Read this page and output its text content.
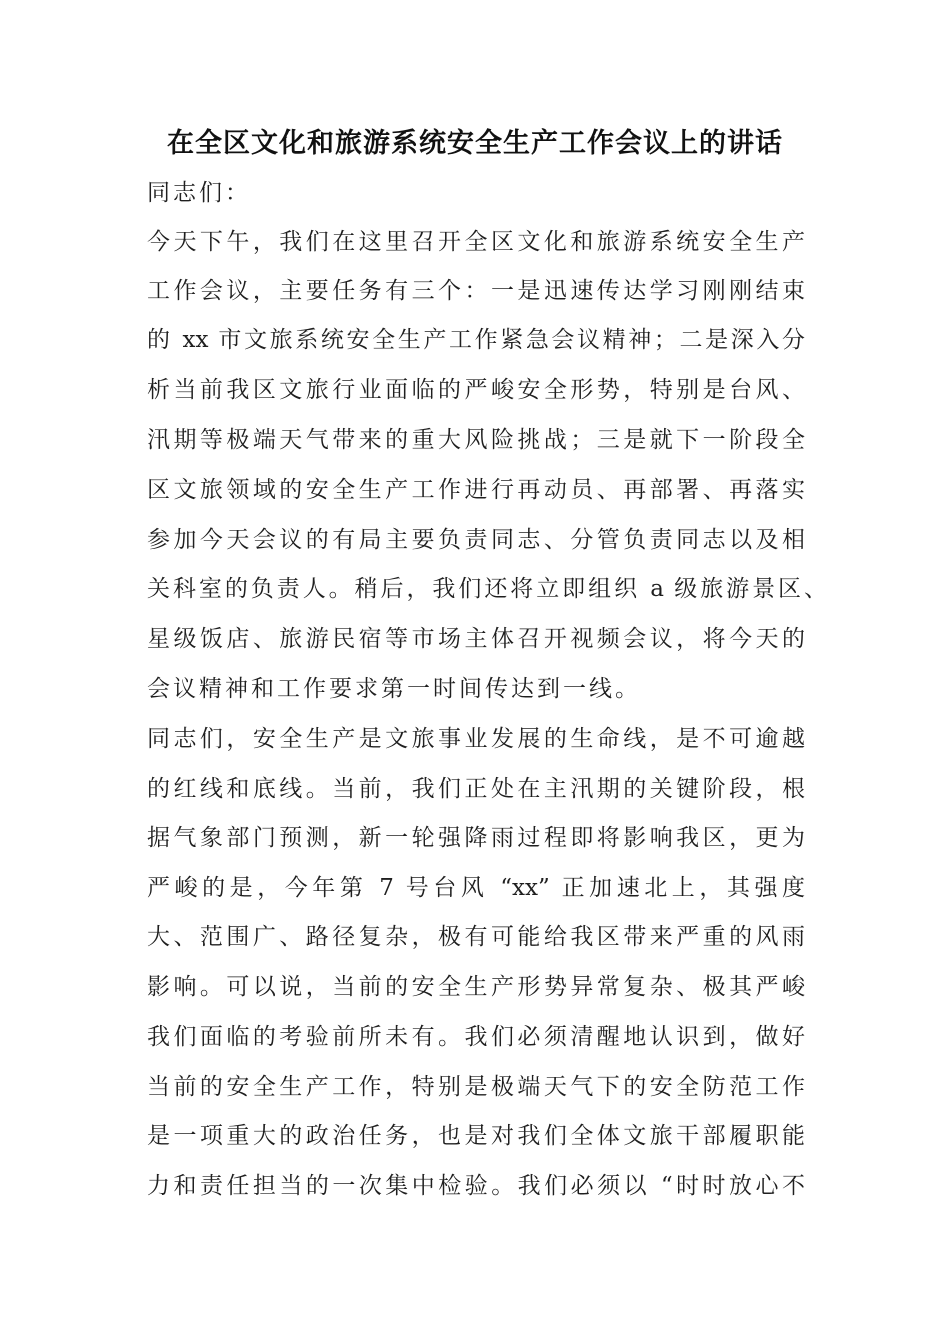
在全区文化和旅游系统安全生产工作会议上的讲话
同志们：
今天下午，我们在这里召开全区文化和旅游系统安全生产
工作会议，主要任务有三个：一是迅速传达学习刚刚结束
的 xx 市文旅系统安全生产工作紧急会议精神；二是深入分
析当前我区文旅行业面临的严峻安全形势，特别是台风、
汛期等极端天气带来的重大风险挑战；三是就下一阶段全
区文旅领域的安全生产工作进行再动员、再部署、再落实
参加今天会议的有局主要负责同志、分管负责同志以及相
关科室的负责人。稍后，我们还将立即组织 a 级旅游景区、
星级饭店、旅游民宿等市场主体召开视频会议，将今天的
会议精神和工作要求第一时间传达到一线。
同志们，安全生产是文旅事业发展的生命线，是不可逾越
的红线和底线。当前，我们正处在主汛期的关键阶段，根
据气象部门预测，新一轮强降雨过程即将影响我区，更为
严峻的是，今年第 7 号台风 “xx” 正加速北上，其强度
大、范围广、路径复杂，极有可能给我区带来严重的风雨
影响。可以说，当前的安全生产形势异常复杂、极其严峻
我们面临的考验前所未有。我们必须清醒地认识到，做好
当前的安全生产工作，特别是极端天气下的安全防范工作
是一项重大的政治任务，也是对我们全体文旅干部履职能
力和责任担当的一次集中检验。我们必须以 “时时放心不
